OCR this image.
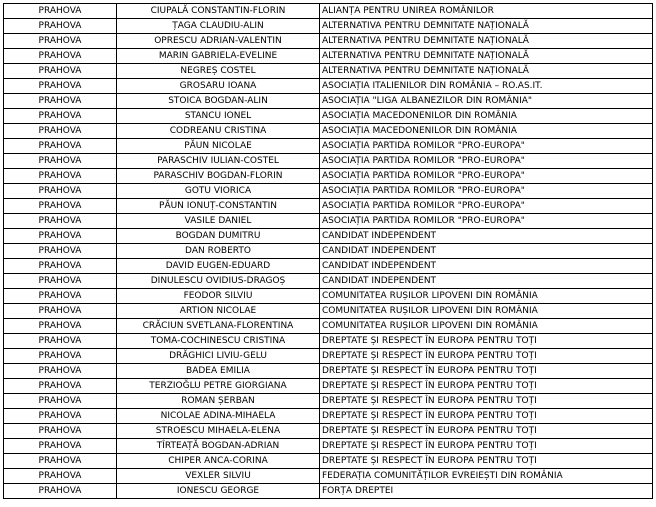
PRAHOVA	CIUPALĂ CONSTANTIN-FLORIN	ALIANȚA PENTRU UNIREA ROMÂNILOR
PRAHOVA	ȚAGA CLAUDIU-ALIN	ALTERNATIVA PENTRU DEMNITATE NAȚIONALĂ
PRAHOVA	OPRESCU ADRIAN-VALENTIN	ALTERNATIVA PENTRU DEMNITATE NAȚIONALĂ
PRAHOVA	MARIN GABRIELA-EVELINE	ALTERNATIVA PENTRU DEMNITATE NAȚIONALĂ
PRAHOVA	NEGREȘ COSTEL	ALTERNATIVA PENTRU DEMNITATE NAȚIONALĂ
PRAHOVA	GROSARU IOANA	ASOCIAȚIA ITALIENILOR DIN ROMÂNIA – RO.AS.IT.
PRAHOVA	STOICA BOGDAN-ALIN	ASOCIAȚIA "LIGA ALBANEZILOR DIN ROMÂNIA"
PRAHOVA	STANCU IONEL	ASOCIAȚIA MACEDONENILOR DIN ROMÂNIA
PRAHOVA	CODREANU CRISTINA	ASOCIAȚIA MACEDONENILOR DIN ROMÂNIA
PRAHOVA	PĂUN NICOLAE	ASOCIAȚIA PARTIDA ROMILOR "PRO-EUROPA"
PRAHOVA	PARASCHIV IULIAN-COSTEL	ASOCIAȚIA PARTIDA ROMILOR "PRO-EUROPA"
PRAHOVA	PARASCHIV BOGDAN-FLORIN	ASOCIAȚIA PARTIDA ROMILOR "PRO-EUROPA"
PRAHOVA	GOTU VIORICA	ASOCIAȚIA PARTIDA ROMILOR "PRO-EUROPA"
PRAHOVA	PĂUN IONUȚ-CONSTANTIN	ASOCIAȚIA PARTIDA ROMILOR "PRO-EUROPA"
PRAHOVA	VASILE DANIEL	ASOCIAȚIA PARTIDA ROMILOR "PRO-EUROPA"
PRAHOVA	BOGDAN DUMITRU	CANDIDAT INDEPENDENT
PRAHOVA	DAN ROBERTO	CANDIDAT INDEPENDENT
PRAHOVA	DAVID EUGEN-EDUARD	CANDIDAT INDEPENDENT
PRAHOVA	DINULESCU OVIDIUS-DRAGOȘ	CANDIDAT INDEPENDENT
PRAHOVA	FEODOR SILVIU	COMUNITATEA RUȘILOR LIPOVENI DIN ROMÂNIA
PRAHOVA	ARTION NICOLAE	COMUNITATEA RUȘILOR LIPOVENI DIN ROMÂNIA
PRAHOVA	CRĂCIUN SVETLANA-FLORENTINA	COMUNITATEA RUȘILOR LIPOVENI DIN ROMÂNIA
PRAHOVA	TOMA-COCHINESCU CRISTINA	DREPTATE ȘI RESPECT ÎN EUROPA PENTRU TOȚI
PRAHOVA	DRĂGHICI LIVIU-GELU	DREPTATE ȘI RESPECT ÎN EUROPA PENTRU TOȚI
PRAHOVA	BADEA EMILIA	DREPTATE ȘI RESPECT ÎN EUROPA PENTRU TOȚI
PRAHOVA	TERZIOĞLU PETRE GIORGIANA	DREPTATE ȘI RESPECT ÎN EUROPA PENTRU TOȚI
PRAHOVA	ROMAN ȘERBAN	DREPTATE ȘI RESPECT ÎN EUROPA PENTRU TOȚI
PRAHOVA	NICOLAE ADINA-MIHAELA	DREPTATE ȘI RESPECT ÎN EUROPA PENTRU TOȚI
PRAHOVA	STROESCU MIHAELA-ELENA	DREPTATE ȘI RESPECT ÎN EUROPA PENTRU TOȚI
PRAHOVA	TÎRTEAȚĂ BOGDAN-ADRIAN	DREPTATE ȘI RESPECT ÎN EUROPA PENTRU TOȚI
PRAHOVA	CHIPER ANCA-CORINA	DREPTATE ȘI RESPECT ÎN EUROPA PENTRU TOȚI
PRAHOVA	VEXLER SILVIU	FEDERAȚIA COMUNITĂȚILOR EVREIEȘTI DIN ROMÂNIA
PRAHOVA	IONESCU GEORGE	FORȚA DREPTEI
